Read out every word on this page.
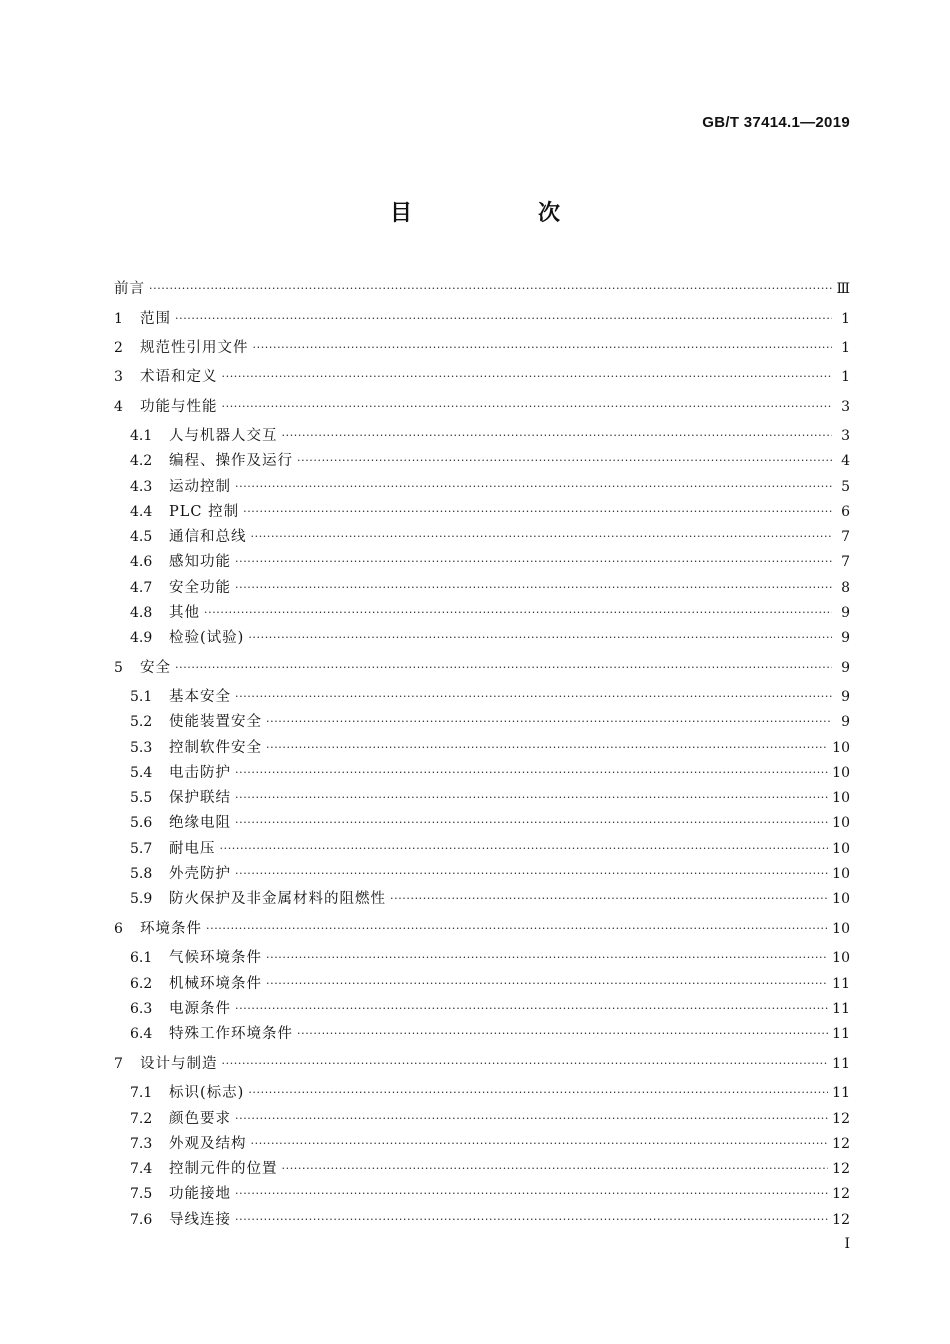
GB/T 37414.1—2019
目　次
前言 ·····	Ⅲ
1	范围 ·····	1
2	规范性引用文件 ·····	1
3	术语和定义 ·····	1
4	功能与性能 ·····	3
4.1	人与机器人交互 ·····	3
4.2	编程、操作及运行 ·····	4
4.3	运动控制 ·····	5
4.4	PLC 控制 ·····	6
4.5	通信和总线 ·····	7
4.6	感知功能 ·····	7
4.7	安全功能 ·····	8
4.8	其他 ·····	9
4.9	检验(试验) ·····	9
5	安全 ·····	9
5.1	基本安全 ·····	9
5.2	使能装置安全 ·····	9
5.3	控制软件安全 ·····	10
5.4	电击防护 ·····	10
5.5	保护联结 ·····	10
5.6	绝缘电阻 ·····	10
5.7	耐电压 ·····	10
5.8	外壳防护 ·····	10
5.9	防火保护及非金属材料的阻燃性 ·····	10
6	环境条件 ·····	10
6.1	气候环境条件 ·····	10
6.2	机械环境条件 ·····	11
6.3	电源条件 ·····	11
6.4	特殊工作环境条件 ·····	11
7	设计与制造 ·····	11
7.1	标识(标志) ·····	11
7.2	颜色要求 ·····	12
7.3	外观及结构 ·····	12
7.4	控制元件的位置 ·····	12
7.5	功能接地 ·····	12
7.6	导线连接 ·····	12
I
